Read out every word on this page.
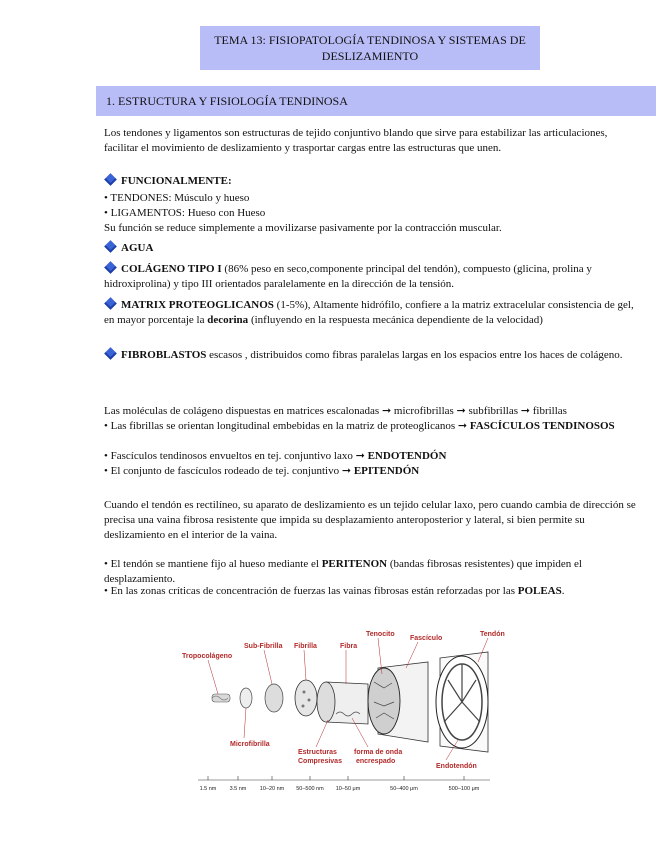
TEMA 13: FISIOPATOLOGÍA TENDINOSA Y SISTEMAS DE DESLIZAMIENTO
1. ESTRUCTURA Y FISIOLOGÍA TENDINOSA
Los tendones y ligamentos son estructuras de tejido conjuntivo blando que sirve para estabilizar las articulaciones, facilitar el movimiento de deslizamiento y trasportar cargas entre las estructuras que unen.
FUNCIONALMENTE:
• TENDONES: Músculo y hueso
• LIGAMENTOS: Hueso con Hueso
Su función se reduce simplemente a movilizarse pasivamente por la contracción muscular.
AGUA
COLÁGENO TIPO I (86% peso en seco,componente principal del tendón), compuesto (glicina, prolina y hidroxiprolina) y tipo III orientados paralelamente en la dirección de la tensión.
MATRIX PROTEOGLICANOS (1-5%), Altamente hidrófilo, confiere a la matriz extracelular consistencia de gel, en mayor porcentaje la decorina (influyendo en la respuesta mecánica dependiente de la velocidad)
FIBROBLASTOS escasos , distribuidos como fibras paralelas largas en los espacios entre los haces de colágeno.
Las moléculas de colágeno dispuestas en matrices escalonadas ➞ microfibrillas ➞ subfibrillas ➞ fibrillas
• Las fibrillas se orientan longitudinal embebidas en la matriz de proteoglicanos ➞ FASCÍCULOS TENDINOSOS
• Fascículos tendinosos envueltos en tej. conjuntivo laxo ➞ ENDOTENDÓN
• El conjunto de fascículos rodeado de tej. conjuntivo ➞ EPITENDÓN
Cuando el tendón es rectilíneo, su aparato de deslizamiento es un tejido celular laxo, pero cuando cambia de dirección se precisa una vaina fibrosa resistente que impida su desplazamiento anteroposterior y lateral, si bien permite su deslizamiento en el interior de la vaina.
• El tendón se mantiene fijo al hueso mediante el PERITENON (bandas fibrosas resistentes) que impiden el desplazamiento.
• En las zonas críticas de concentración de fuerzas las vainas fibrosas están reforzadas por las POLEAS.
Tropocolágeno
Sub-Fibrilla Fibrilla	Fibra
Tenocito
Fascículo
Tendón
Microfibrilla
Estructuras
Compresivas
forma de onda
encrespado
Endotendón
1.5 nm 3.5 nm 10–20 nm 50–500 nm 10–50 μm	50–400 μm	500–100 μm
